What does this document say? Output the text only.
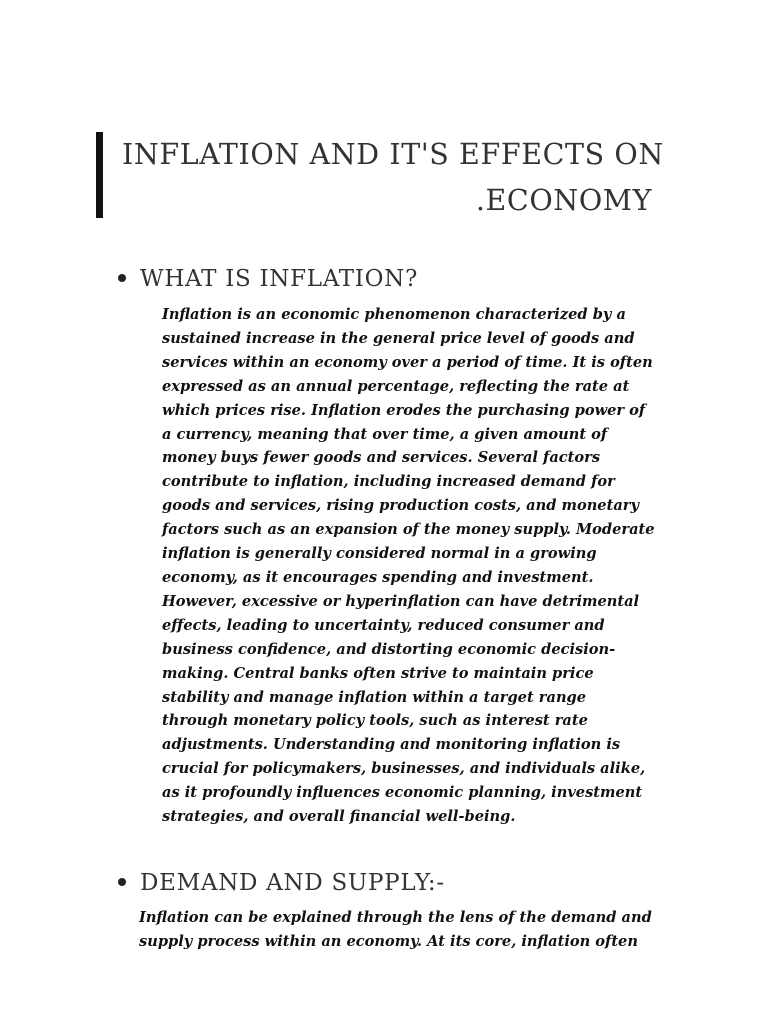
INFLATION AND IT'S EFFECTS ON
.ECONOMY
WHAT IS INFLATION?

Inflation is an economic phenomenon characterized by a
sustained increase in the general price level of goods and
services within an economy over a period of time. It is often
expressed as an annual percentage, reflecting the rate at
which prices rise. Inflation erodes the purchasing power of
a currency, meaning that over time, a given amount of
money buys fewer goods and services. Several factors
contribute to inflation, including increased demand for
goods and services, rising production costs, and monetary
factors such as an expansion of the money supply. Moderate
inflation is generally considered normal in a growing
economy, as it encourages spending and investment.
However, excessive or hyperinflation can have detrimental
effects, leading to uncertainty, reduced consumer and
business confidence, and distorting economic decision-
making. Central banks often strive to maintain price
stability and manage inflation within a target range
through monetary policy tools, such as interest rate
adjustments. Understanding and monitoring inflation is
crucial for policymakers, businesses, and individuals alike,
as it profoundly influences economic planning, investment
strategies, and overall financial well-being.

DEMAND AND SUPPLY:-

Inflation can be explained through the lens of the demand and
supply process within an economy. At its core, inflation often
